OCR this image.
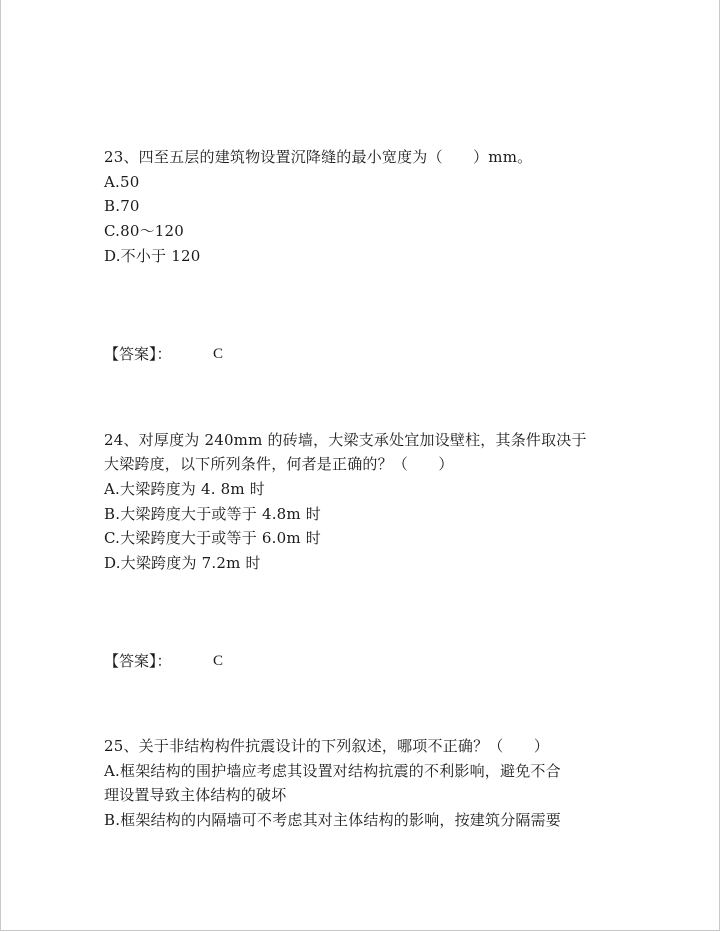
23、四至五层的建筑物设置沉降缝的最小宽度为（　　）mm。
A.50
B.70
C.80～120
D.不小于 120
【答案】：	C
24、对厚度为 240mm 的砖墙，大梁支承处宜加设壁柱，其条件取决于
大梁跨度，以下所列条件，何者是正确的？（　　）
A.大梁跨度为 4. 8m 时
B.大梁跨度大于或等于 4.8m 时
C.大梁跨度大于或等于 6.0m 时
D.大梁跨度为 7.2m 时
【答案】：	C
25、关于非结构构件抗震设计的下列叙述，哪项不正确？（　　）
A.框架结构的围护墙应考虑其设置对结构抗震的不利影响，避免不合
理设置导致主体结构的破坏
B.框架结构的内隔墙可不考虑其对主体结构的影响，按建筑分隔需要
